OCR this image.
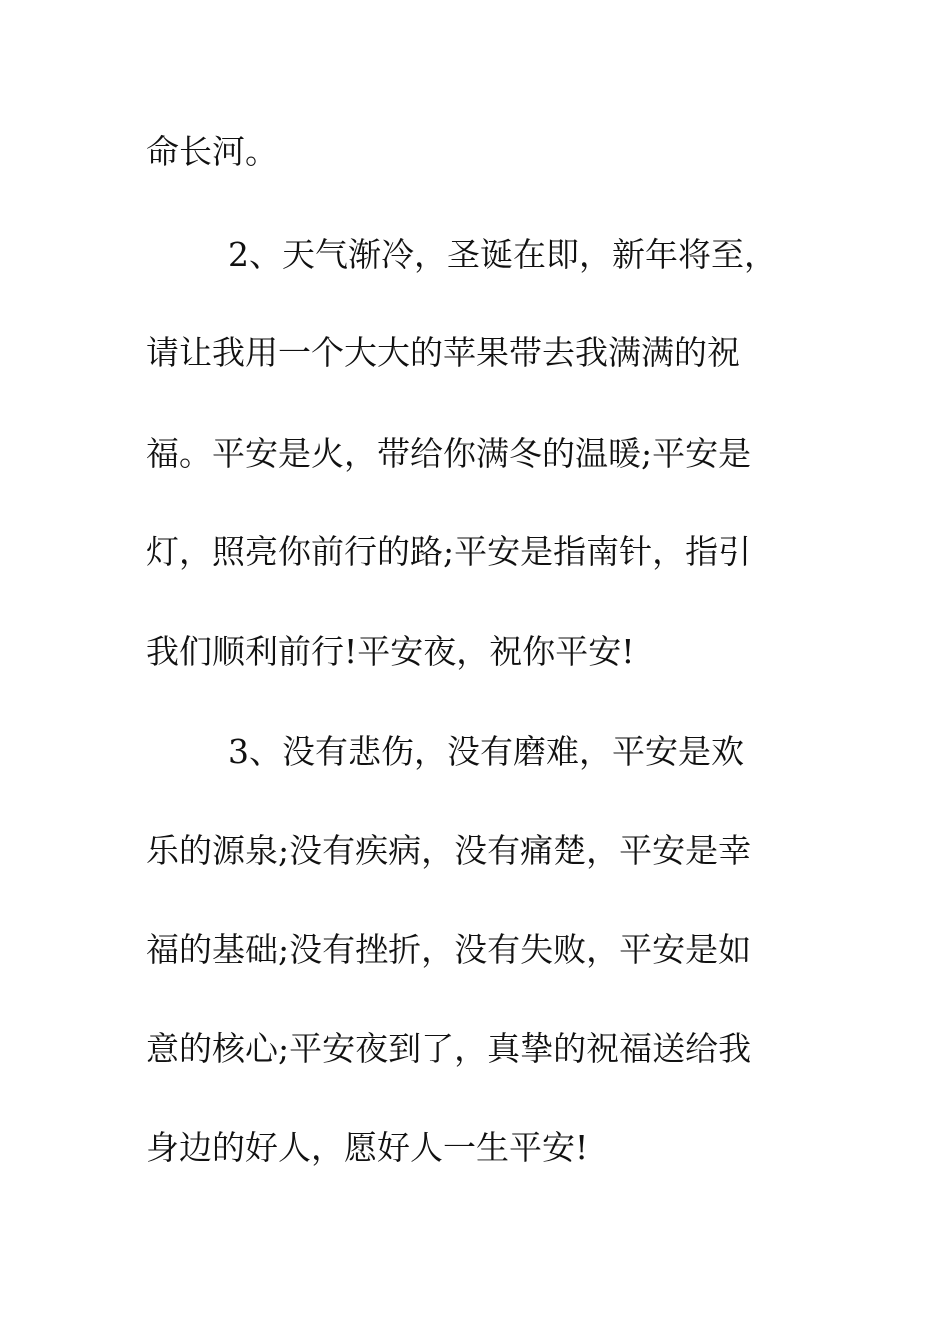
命长河。
2、天气渐冷，圣诞在即，新年将至，
请让我用一个大大的苹果带去我满满的祝
福。平安是火，带给你满冬的温暖;平安是
灯，照亮你前行的路;平安是指南针，指引
我们顺利前行!平安夜，祝你平安!
3、没有悲伤，没有磨难，平安是欢
乐的源泉;没有疾病，没有痛楚，平安是幸
福的基础;没有挫折，没有失败，平安是如
意的核心;平安夜到了，真挚的祝福送给我
身边的好人，愿好人一生平安!
